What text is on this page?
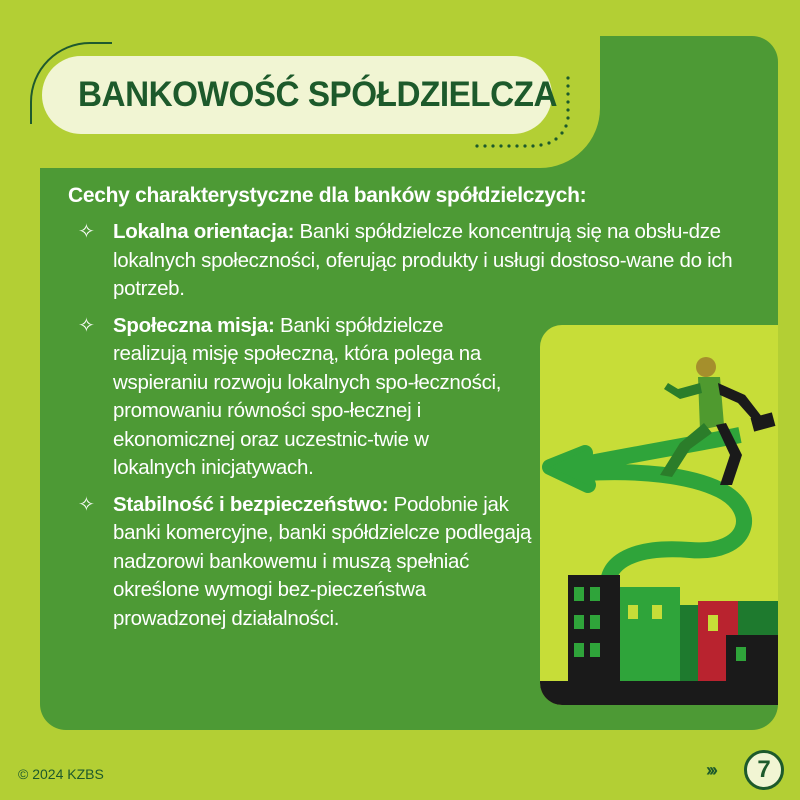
BANKOWOŚĆ SPÓŁDZIELCZA
Cechy charakterystyczne dla banków spółdzielczych:
✧ Lokalna orientacja: Banki spółdzielcze koncentrują się na obsłu-dze lokalnych społeczności, oferując produkty i usługi dostoso-wane do ich potrzeb.
✧ Społeczna misja: Banki spółdzielcze realizują misję społeczną, która polega na wspieraniu rozwoju lokalnych spo-łeczności, promowaniu równości spo-łecznej i ekonomicznej oraz uczestnic-twie w lokalnych inicjatywach.
✧ Stabilność i bezpieczeństwo: Podobnie jak banki komercyjne, banki spółdzielcze podlegają nadzorowi bankowemu i muszą spełniać określone wymogi bez-pieczeństwa prowadzonej działalności.
© 2024 KZBS	›››	7
